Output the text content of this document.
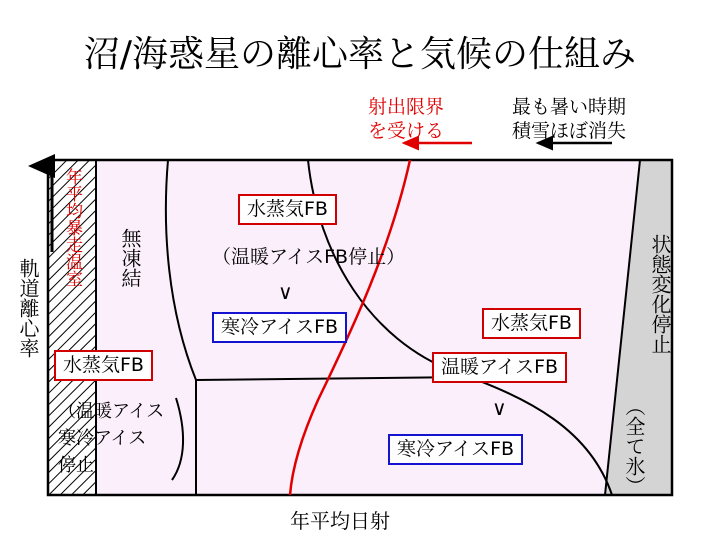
沼/海惑星の離心率と気候の仕組み
射出限界
を受ける
最も暑い時期
積雪ほぼ消失
年平均暴走温室
軌道離心率
年平均日射
無凍結	状態変化停止
（全て氷）
水蒸気FB
（温暖アイスFB停止）
∨
寒冷アイスFB
水蒸気FB
（温暖アイス
寒冷アイス
停止
水蒸気FB
温暖アイスFB
∨
寒冷アイスFB
